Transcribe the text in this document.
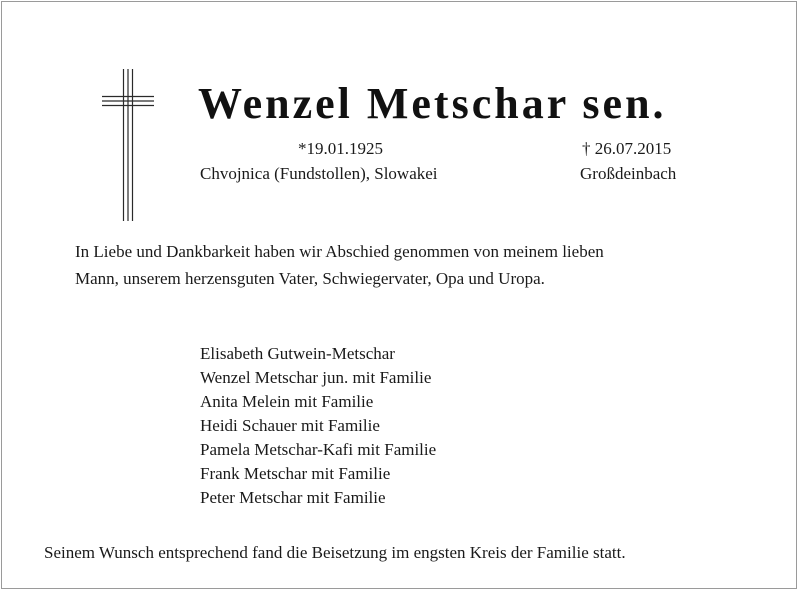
Wenzel Metschar sen.
*19.01.1925
Chvojnica (Fundstollen), Slowakei
† 26.07.2015
Großdeinbach
In Liebe und Dankbarkeit haben wir Abschied genommen von meinem lieben
Mann, unserem herzensguten Vater, Schwiegervater, Opa und Uropa.
Elisabeth Gutwein-Metschar
Wenzel Metschar jun. mit Familie
Anita Melein mit Familie
Heidi Schauer mit Familie
Pamela Metschar-Kafi mit Familie
Frank Metschar mit Familie
Peter Metschar mit Familie
Seinem Wunsch entsprechend fand die Beisetzung im engsten Kreis der Familie statt.
